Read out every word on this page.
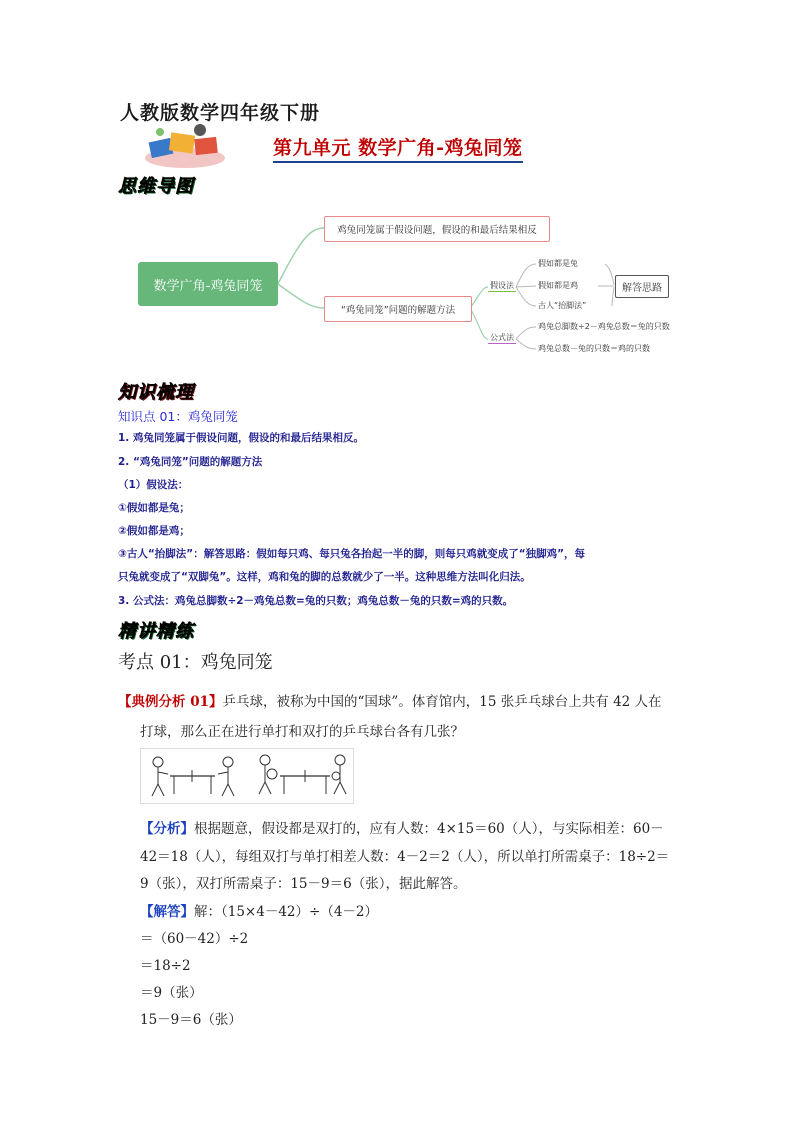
人教版数学四年级下册
第九单元 数学广角-鸡兔同笼
思维导图
数学广角-鸡兔同笼
鸡兔同笼属于假设问题，假设的和最后结果相反
“鸡兔同笼”问题的解题方法
假设法
公式法
假如都是兔
假如都是鸡
古人“抬脚法”
解答思路
鸡兔总脚数÷2－鸡兔总数＝兔的只数
鸡兔总数－兔的只数＝鸡的只数
知识梳理
知识点 01：鸡兔同笼
1. 鸡兔同笼属于假设问题，假设的和最后结果相反。
2. “鸡兔同笼”问题的解题方法
（1）假设法：
①假如都是兔；
②假如都是鸡；
③古人“抬脚法”：解答思路：假如每只鸡、每只兔各抬起一半的脚，则每只鸡就变成了“独脚鸡”，每
只兔就变成了“双脚兔”。这样，鸡和兔的脚的总数就少了一半。这种思维方法叫化归法。
3. 公式法：鸡兔总脚数÷2－鸡兔总数=兔的只数；鸡兔总数－兔的只数=鸡的只数。
精讲精练
考点 01：鸡兔同笼
【典例分析 01】乒乓球，被称为中国的“国球”。体育馆内，15 张乒乓球台上共有 42 人在
打球，那么正在进行单打和双打的乒乓球台各有几张？
【分析】根据题意，假设都是双打的，应有人数：4×15＝60（人），与实际相差：60－
42＝18（人），每组双打与单打相差人数：4－2＝2（人），所以单打所需桌子：18÷2＝
9（张），双打所需桌子：15－9＝6（张），据此解答。
【解答】解：（15×4－42）÷（4－2）
＝（60－42）÷2
＝18÷2
＝9（张）
15－9＝6（张）
